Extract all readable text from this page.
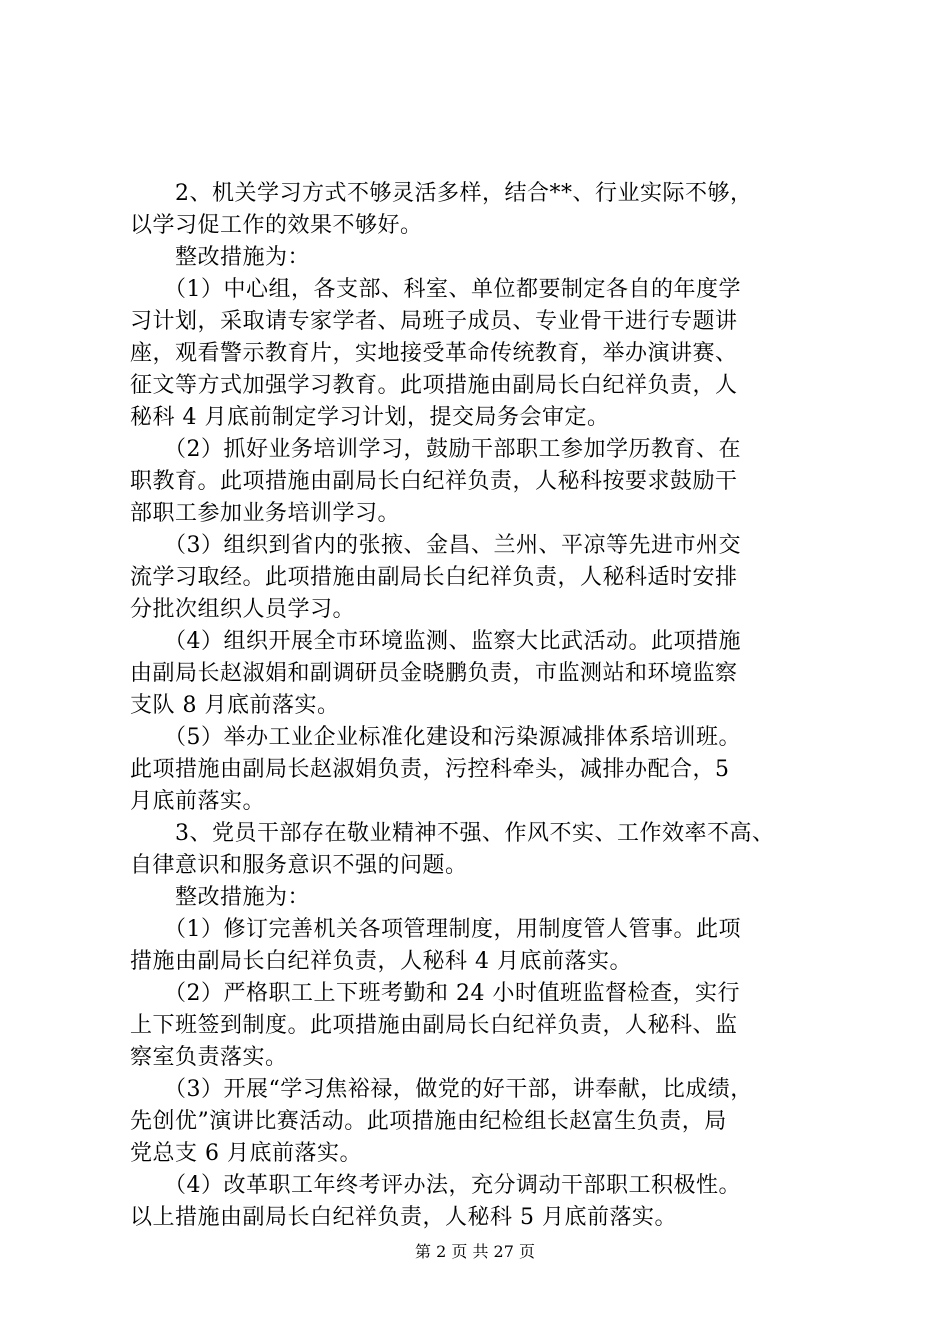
　　2、机关学习方式不够灵活多样，结合**、行业实际不够，
以学习促工作的效果不够好。
　　整改措施为：
　　（1）中心组，各支部、科室、单位都要制定各自的年度学
习计划，采取请专家学者、局班子成员、专业骨干进行专题讲
座，观看警示教育片，实地接受革命传统教育，举办演讲赛、
征文等方式加强学习教育。此项措施由副局长白纪祥负责，人
秘科 4 月底前制定学习计划，提交局务会审定。
　　（2）抓好业务培训学习，鼓励干部职工参加学历教育、在
职教育。此项措施由副局长白纪祥负责，人秘科按要求鼓励干
部职工参加业务培训学习。
　　（3）组织到省内的张掖、金昌、兰州、平凉等先进市州交
流学习取经。此项措施由副局长白纪祥负责，人秘科适时安排
分批次组织人员学习。
　　（4）组织开展全市环境监测、监察大比武活动。此项措施
由副局长赵淑娟和副调研员金晓鹏负责，市监测站和环境监察
支队 8 月底前落实。
　　（5）举办工业企业标准化建设和污染源减排体系培训班。
此项措施由副局长赵淑娟负责，污控科牵头，减排办配合，5
月底前落实。
　　3、党员干部存在敬业精神不强、作风不实、工作效率不高、
自律意识和服务意识不强的问题。
　　整改措施为：
　　（1）修订完善机关各项管理制度，用制度管人管事。此项
措施由副局长白纪祥负责，人秘科 4 月底前落实。
　　（2）严格职工上下班考勤和 24 小时值班监督检查，实行
上下班签到制度。此项措施由副局长白纪祥负责，人秘科、监
察室负责落实。
　　（3）开展“学习焦裕禄，做党的好干部，讲奉献，比成绩，
先创优”演讲比赛活动。此项措施由纪检组长赵富生负责，局
党总支 6 月底前落实。
　　（4）改革职工年终考评办法，充分调动干部职工积极性。
以上措施由副局长白纪祥负责，人秘科 5 月底前落实。
第 2 页 共 27 页
